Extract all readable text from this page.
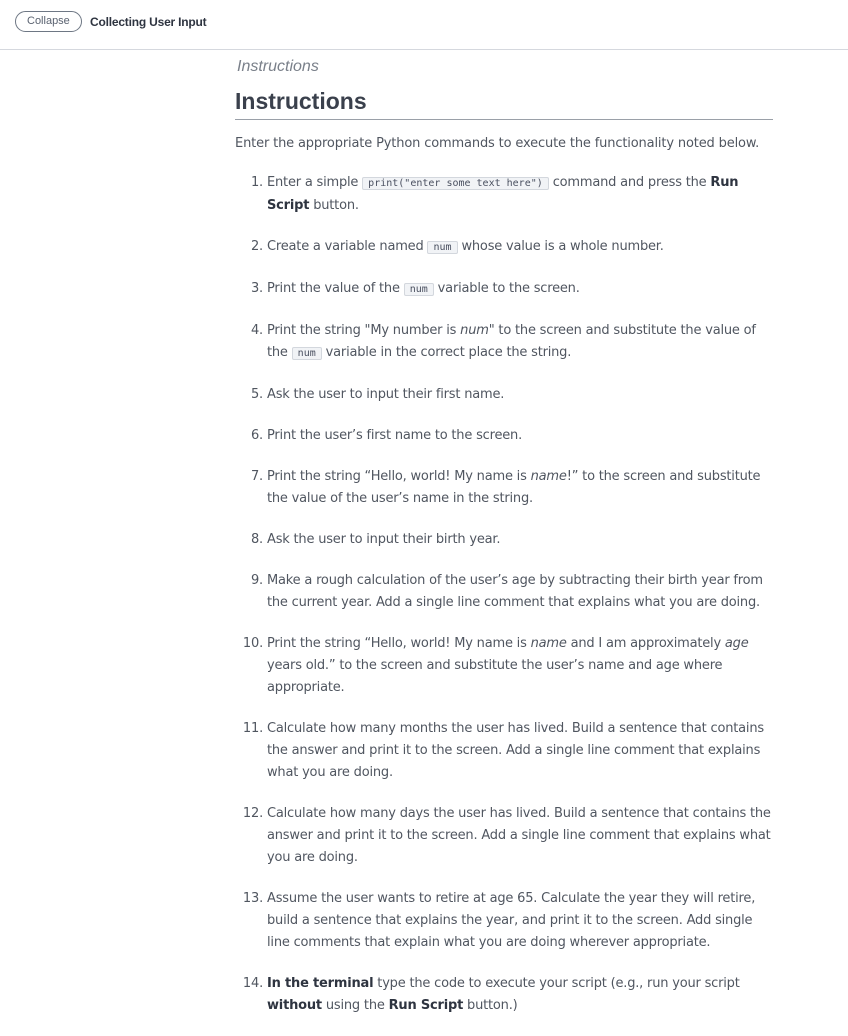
Collapse	Collecting User Input
Instructions
Instructions

Enter the appropriate Python commands to execute the functionality noted below.

1. Enter a simple print("enter some text here") command and press the Run Script button.
2. Create a variable named num whose value is a whole number.
3. Print the value of the num variable to the screen.
4. Print the string "My number is num" to the screen and substitute the value of the num variable in the correct place the string.
5. Ask the user to input their first name.
6. Print the user’s first name to the screen.
7. Print the string “Hello, world! My name is name!” to the screen and substitute the value of the user’s name in the string.
8. Ask the user to input their birth year.
9. Make a rough calculation of the user’s age by subtracting their birth year from the current year. Add a single line comment that explains what you are doing.
10. Print the string “Hello, world! My name is name and I am approximately age years old.” to the screen and substitute the user’s name and age where appropriate.
11. Calculate how many months the user has lived. Build a sentence that contains the answer and print it to the screen. Add a single line comment that explains what you are doing.
12. Calculate how many days the user has lived. Build a sentence that contains the answer and print it to the screen. Add a single line comment that explains what you are doing.
13. Assume the user wants to retire at age 65. Calculate the year they will retire, build a sentence that explains the year, and print it to the screen. Add single line comments that explain what you are doing wherever appropriate.
14. In the terminal type the code to execute your script (e.g., run your script without using the Run Script button.)
